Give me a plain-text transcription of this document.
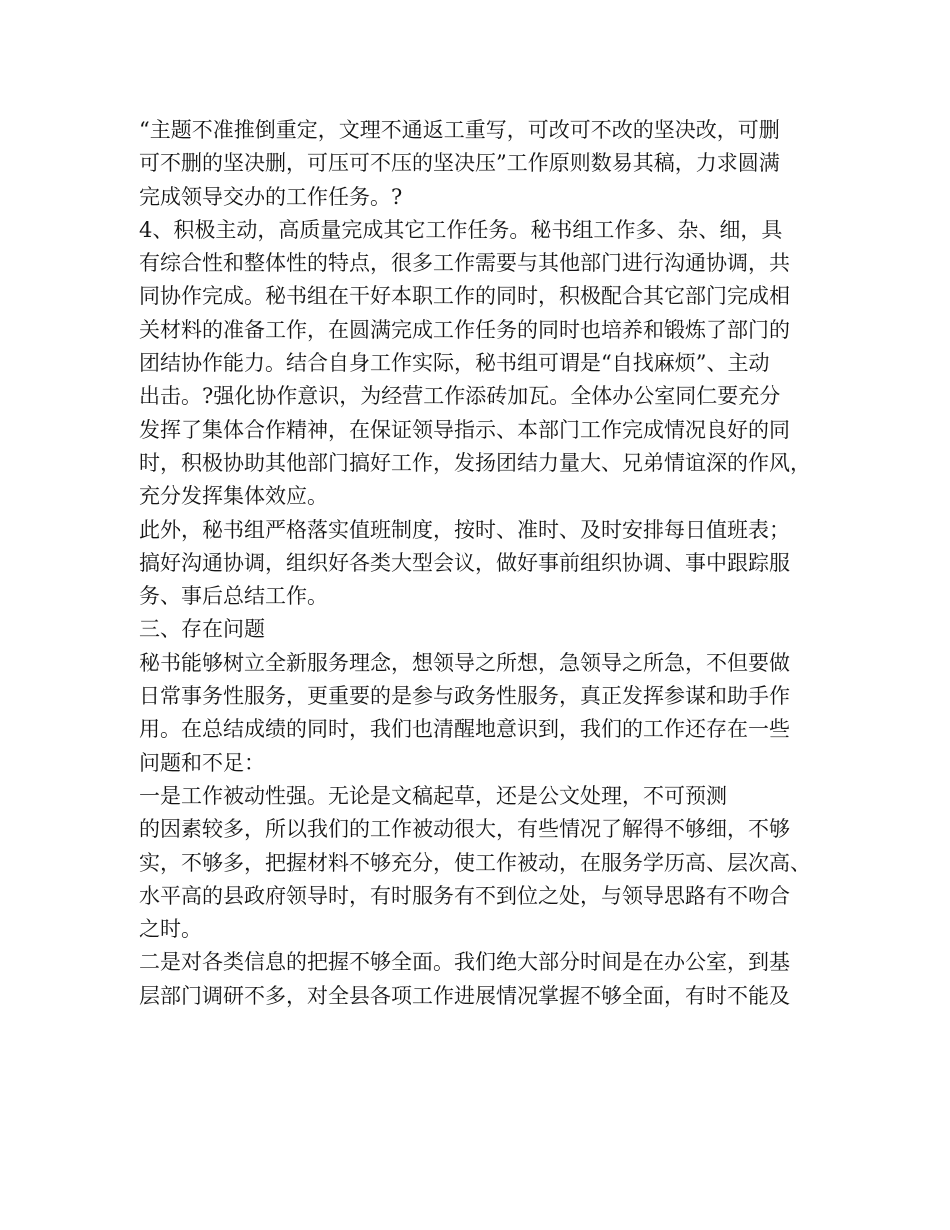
“主题不准推倒重定，文理不通返工重写，可改可不改的坚决改，可删
可不删的坚决删，可压可不压的坚决压”工作原则数易其稿，力求圆满
完成领导交办的工作任务。?
4、积极主动，高质量完成其它工作任务。秘书组工作多、杂、细，具
有综合性和整体性的特点，很多工作需要与其他部门进行沟通协调，共
同协作完成。秘书组在干好本职工作的同时，积极配合其它部门完成相
关材料的准备工作，在圆满完成工作任务的同时也培养和锻炼了部门的
团结协作能力。结合自身工作实际，秘书组可谓是“自找麻烦”、主动
出击。?强化协作意识，为经营工作添砖加瓦。全体办公室同仁要充分
发挥了集体合作精神，在保证领导指示、本部门工作完成情况良好的同
时，积极协助其他部门搞好工作，发扬团结力量大、兄弟情谊深的作风，
充分发挥集体效应。
此外，秘书组严格落实值班制度，按时、准时、及时安排每日值班表；
搞好沟通协调，组织好各类大型会议，做好事前组织协调、事中跟踪服
务、事后总结工作。
三、存在问题
秘书能够树立全新服务理念，想领导之所想，急领导之所急，不但要做
日常事务性服务，更重要的是参与政务性服务，真正发挥参谋和助手作
用。在总结成绩的同时，我们也清醒地意识到，我们的工作还存在一些
问题和不足：
一是工作被动性强。无论是文稿起草，还是公文处理，不可预测
的因素较多，所以我们的工作被动很大，有些情况了解得不够细，不够
实，不够多，把握材料不够充分，使工作被动，在服务学历高、层次高、
水平高的县政府领导时，有时服务有不到位之处，与领导思路有不吻合
之时。
二是对各类信息的把握不够全面。我们绝大部分时间是在办公室，到基
层部门调研不多，对全县各项工作进展情况掌握不够全面，有时不能及
